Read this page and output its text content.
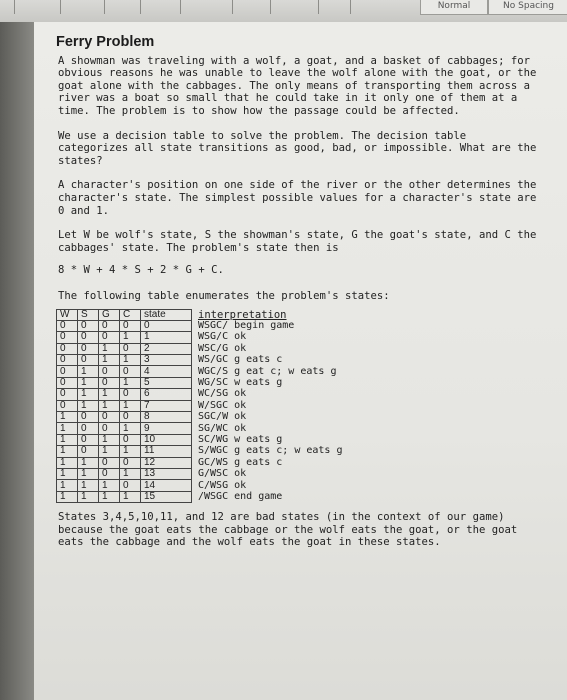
Normal	No Spacing
Ferry Problem

A showman was traveling with a wolf, a goat, and a basket of cabbages; for obvious reasons he was unable to leave the wolf alone with the goat, or the goat alone with the cabbages. The only means of transporting them across a river was a boat so small that he could take in it only one of them at a time. The problem is to show how the passage could be affected.

We use a decision table to solve the problem. The decision table categorizes all state transitions as good, bad, or impossible. What are the states?

A character's position on one side of the river or the other determines the character's state. The simplest possible values for a character's state are 0 and 1.

Let W be wolf's state, S the showman's state, G the goat's state, and C the cabbages' state. The problem's state then is

8 * W + 4 * S + 2 * G + C.

The following table enumerates the problem's states:

W	S	G	C	state	interpretation
0	0	0	0	0	WSGC/ begin game
0	0	0	1	1	WSG/C ok
0	0	1	0	2	WSC/G ok
0	0	1	1	3	WS/GC g eats c
0	1	0	0	4	WGC/S g eat c; w eats g
0	1	0	1	5	WG/SC w eats g
0	1	1	0	6	WC/SG ok
0	1	1	1	7	W/SGC ok
1	0	0	0	8	SGC/W ok
1	0	0	1	9	SG/WC ok
1	0	1	0	10	SC/WG w eats g
1	0	1	1	11	S/WGC g eats c; w eats g
1	1	0	0	12	GC/WS g eats c
1	1	0	1	13	G/WSC ok
1	1	1	0	14	C/WSG ok
1	1	1	1	15	/WSGC end game

States 3,4,5,10,11, and 12 are bad states (in the context of our game) because the goat eats the cabbage or the wolf eats the goat, or the goat eats the cabbage and the wolf eats the goat in these states.
